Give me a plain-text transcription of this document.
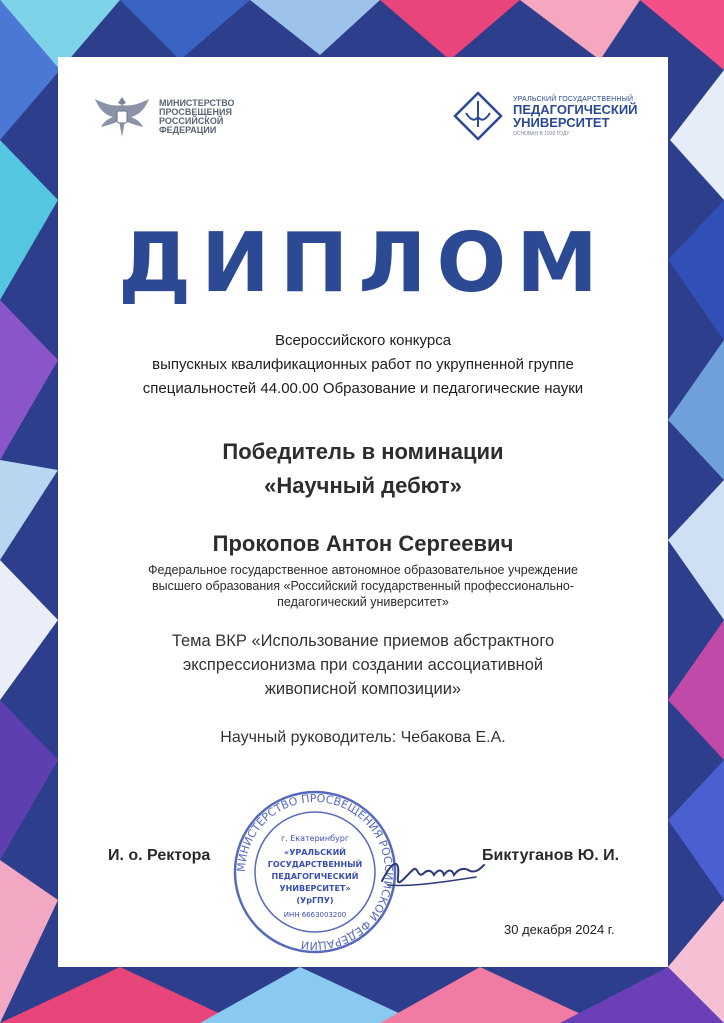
МИНИСТЕРСТВО ПРОСВЕЩЕНИЯ РОССИЙСКОЙ ФЕДЕРАЦИИ
УРАЛЬСКИЙ ГОСУДАРСТВЕННЫЙ
ПЕДАГОГИЧЕСКИЙ
УНИВЕРСИТЕТ
ОСНОВАН В 1930 ГОДУ
ДИПЛОМ
Всероссийского конкурса
выпускных квалификационных работ по укрупненной группе
специальностей 44.00.00 Образование и педагогические науки
Победитель в номинации
«Научный дебют»
Прокопов Антон Сергеевич
Федеральное государственное автономное образовательное учреждение
высшего образования «Российский государственный профессионально-
педагогический университет»
Тема ВКР «Использование приемов абстрактного
экспрессионизма при создании ассоциативной
живописной композиции»
Научный руководитель: Чебакова Е.А.
МИНИСТЕРСТВО ПРОСВЕЩЕНИЯ РОССИЙСКОЙ ФЕДЕРАЦИИ
г. Екатеринбург
«УРАЛЬСКИЙ
ГОСУДАРСТВЕННЫЙ
ПЕДАГОГИЧЕСКИЙ
УНИВЕРСИТЕТ»
(УрГПУ)
ИНН 6663003200
И. о. Ректора	Биктуганов Ю. И.
30 декабря 2024 г.
